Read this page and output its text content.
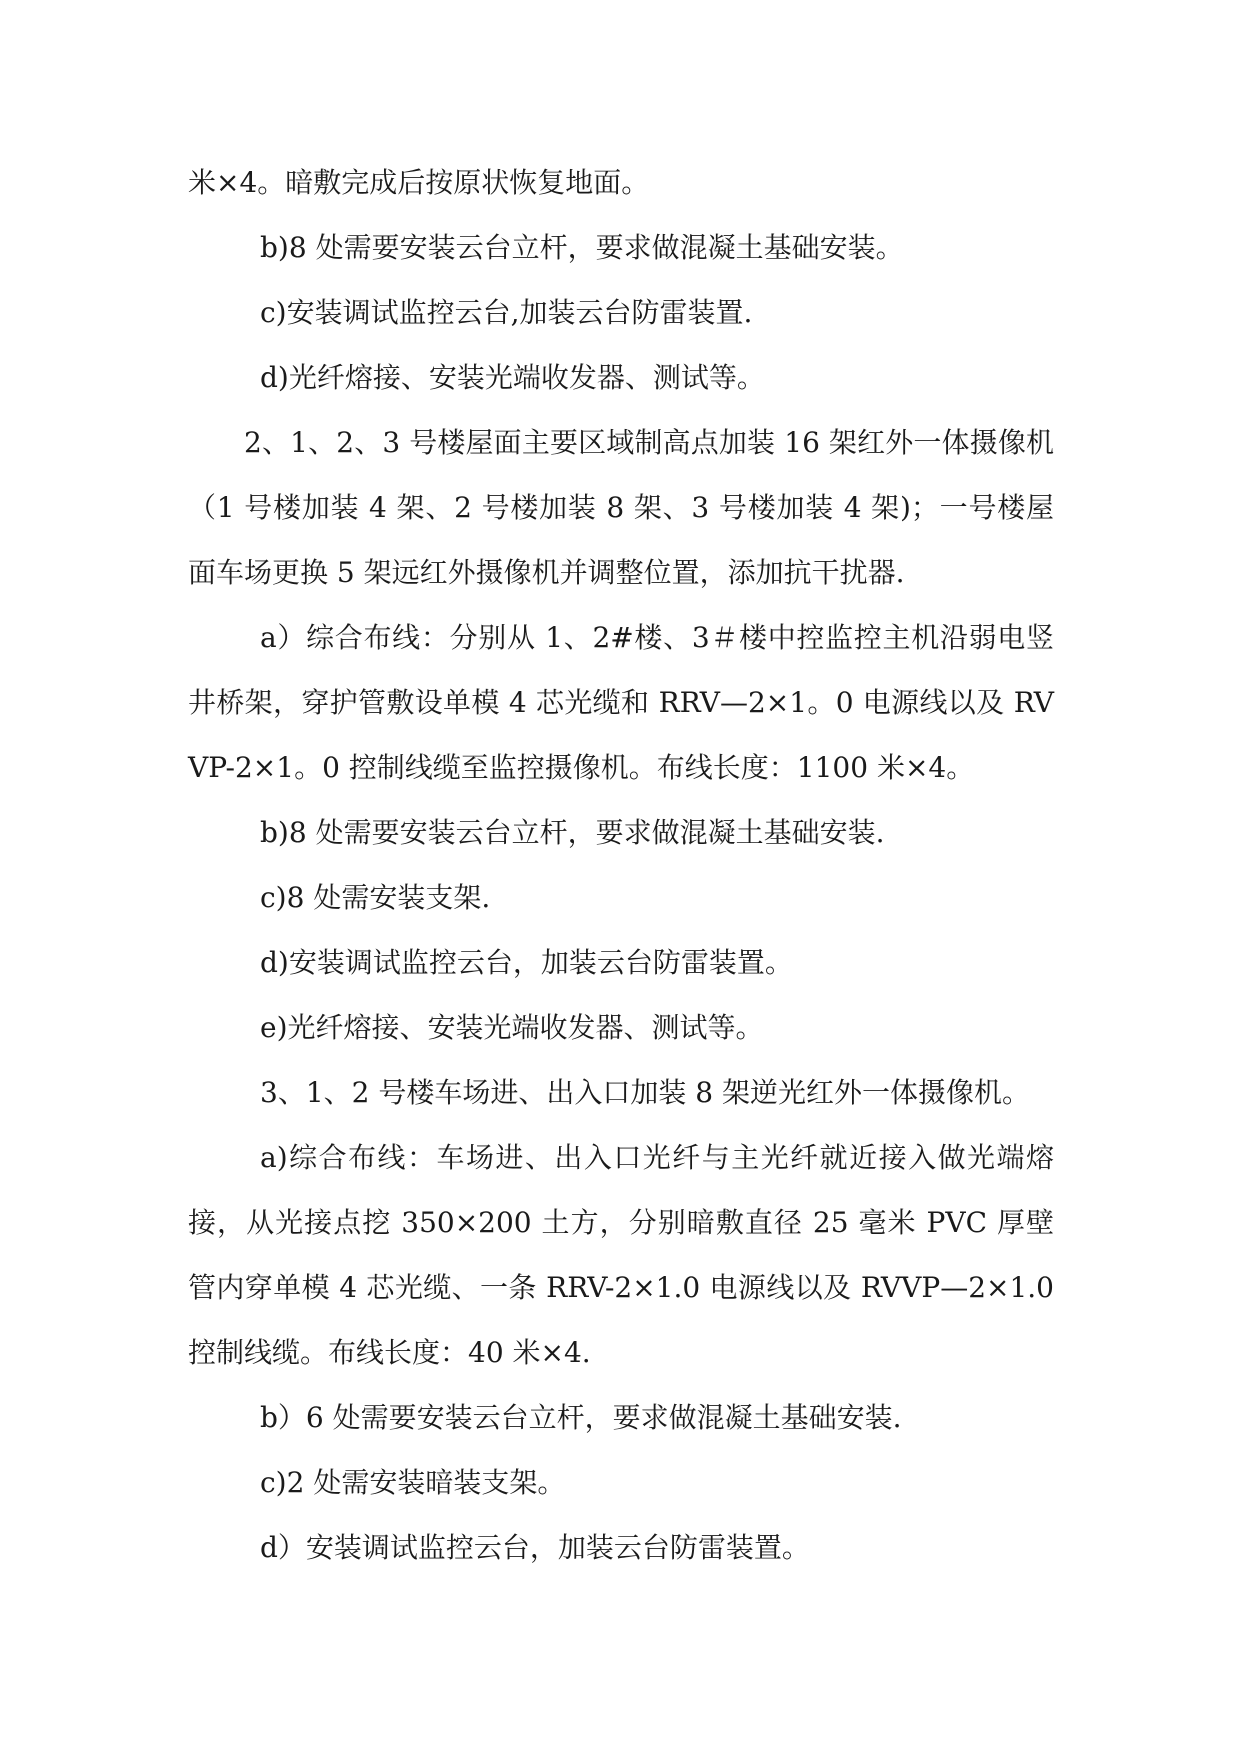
米×4。暗敷完成后按原状恢复地面。

b)8 处需要安装云台立杆，要求做混凝土基础安装。

c)安装调试监控云台,加装云台防雷装置.

d)光纤熔接、安装光端收发器、测试等。

2、1、2、3 号楼屋面主要区域制高点加装 16 架红外一体摄像机（1 号楼加装 4 架、2 号楼加装 8 架、3 号楼加装 4 架)；一号楼屋面车场更换 5 架远红外摄像机并调整位置，添加抗干扰器.

a）综合布线：分别从 1、2#楼、3＃楼中控监控主机沿弱电竖井桥架，穿护管敷设单模 4 芯光缆和 RRV—2×1。0 电源线以及 RVVP-2×1。0 控制线缆至监控摄像机。布线长度：1100 米×4。

b)8 处需要安装云台立杆，要求做混凝土基础安装.

c)8 处需安装支架.

d)安装调试监控云台，加装云台防雷装置。

e)光纤熔接、安装光端收发器、测试等。

3、1、2 号楼车场进、出入口加装 8 架逆光红外一体摄像机。

a)综合布线：车场进、出入口光纤与主光纤就近接入做光端熔接，从光接点挖 350×200 土方，分别暗敷直径 25 毫米 PVC 厚壁管内穿单模 4 芯光缆、一条 RRV-2×1.0 电源线以及 RVVP—2×1.0 控制线缆。布线长度：40 米×4.

b）6 处需要安装云台立杆，要求做混凝土基础安装.

c)2 处需安装暗装支架。

d）安装调试监控云台，加装云台防雷装置。
